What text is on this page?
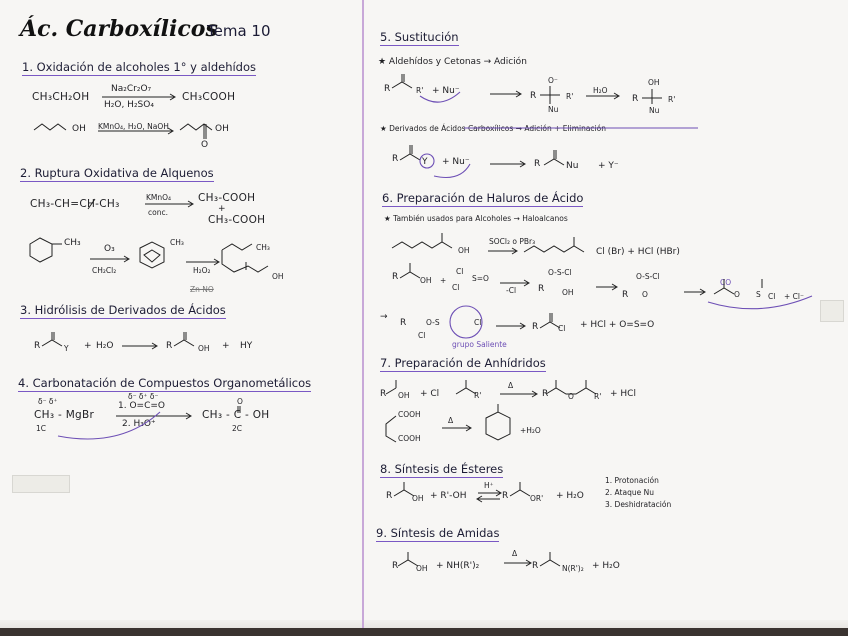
Ác. Carboxílicos
Tema 10
1. Oxidación de alcoholes 1° y aldehídos
CH₃CH₂OH
Na₂Cr₂O₇
H₂O, H₂SO₄
CH₃COOH
OH KMnO₄, H₂O, NaOH	OH
O
2. Ruptura Oxidativa de Alquenos
CH₃-CH=CH-CH₃
KMnO₄
conc.
CH₃-COOH
+
CH₃-COOH
CH₃
O₃
CH₂Cl₂
CH₃
H₂O₂
Zn NO
CH₃
OH
3. Hidrólisis de Derivados de Ácidos
R	Y + H₂O	R	OH + HY
4. Carbonatación de Compuestos Organometálicos
δ⁻ δ⁺
CH₃ - MgBr
1C
δ⁻ δ⁺ δ⁻
1. O=C=O
2. H₃O⁺
CH₃ - C - OH
O
2C
5. Sustitución
★ Aldehídos y Cetonas → Adición
R	R' + Nu⁻
O⁻
R	R'
Nu
H₂O
OH
R	R'
Nu
★ Derivados de Ácidos Carboxílicos → Adición + Eliminación
R	Y + Nu⁻	R	Nu + Y⁻
6. Preparación de Haluros de Ácido
★ También usados para Alcoholes → Haloalcanos
OH
SOCl₂ o PBr₃
Cl (Br) + HCl (HBr)
R	OH +
Cl
S=O
Cl	-Cl
O-S-Cl
R OH
O-S-Cl
R O	O S Cl + Cl⁻
CO
→
R	O-S
Cl
Cl
grupo Saliente
R	Cl + HCl + O=S=O
7. Preparación de Anhídridos
R OH + Cl	R'
Δ
R	O	R' + HCl
COOH
COOH
Δ
+H₂O
8. Síntesis de Ésteres
R	OH + R'-OH
H⁺
R	OR' + H₂O
1. Protonación
2. Ataque Nu
3. Deshidratación
9. Síntesis de Amidas
R OH + NH(R')₂
Δ
R	N(R')₂ + H₂O
